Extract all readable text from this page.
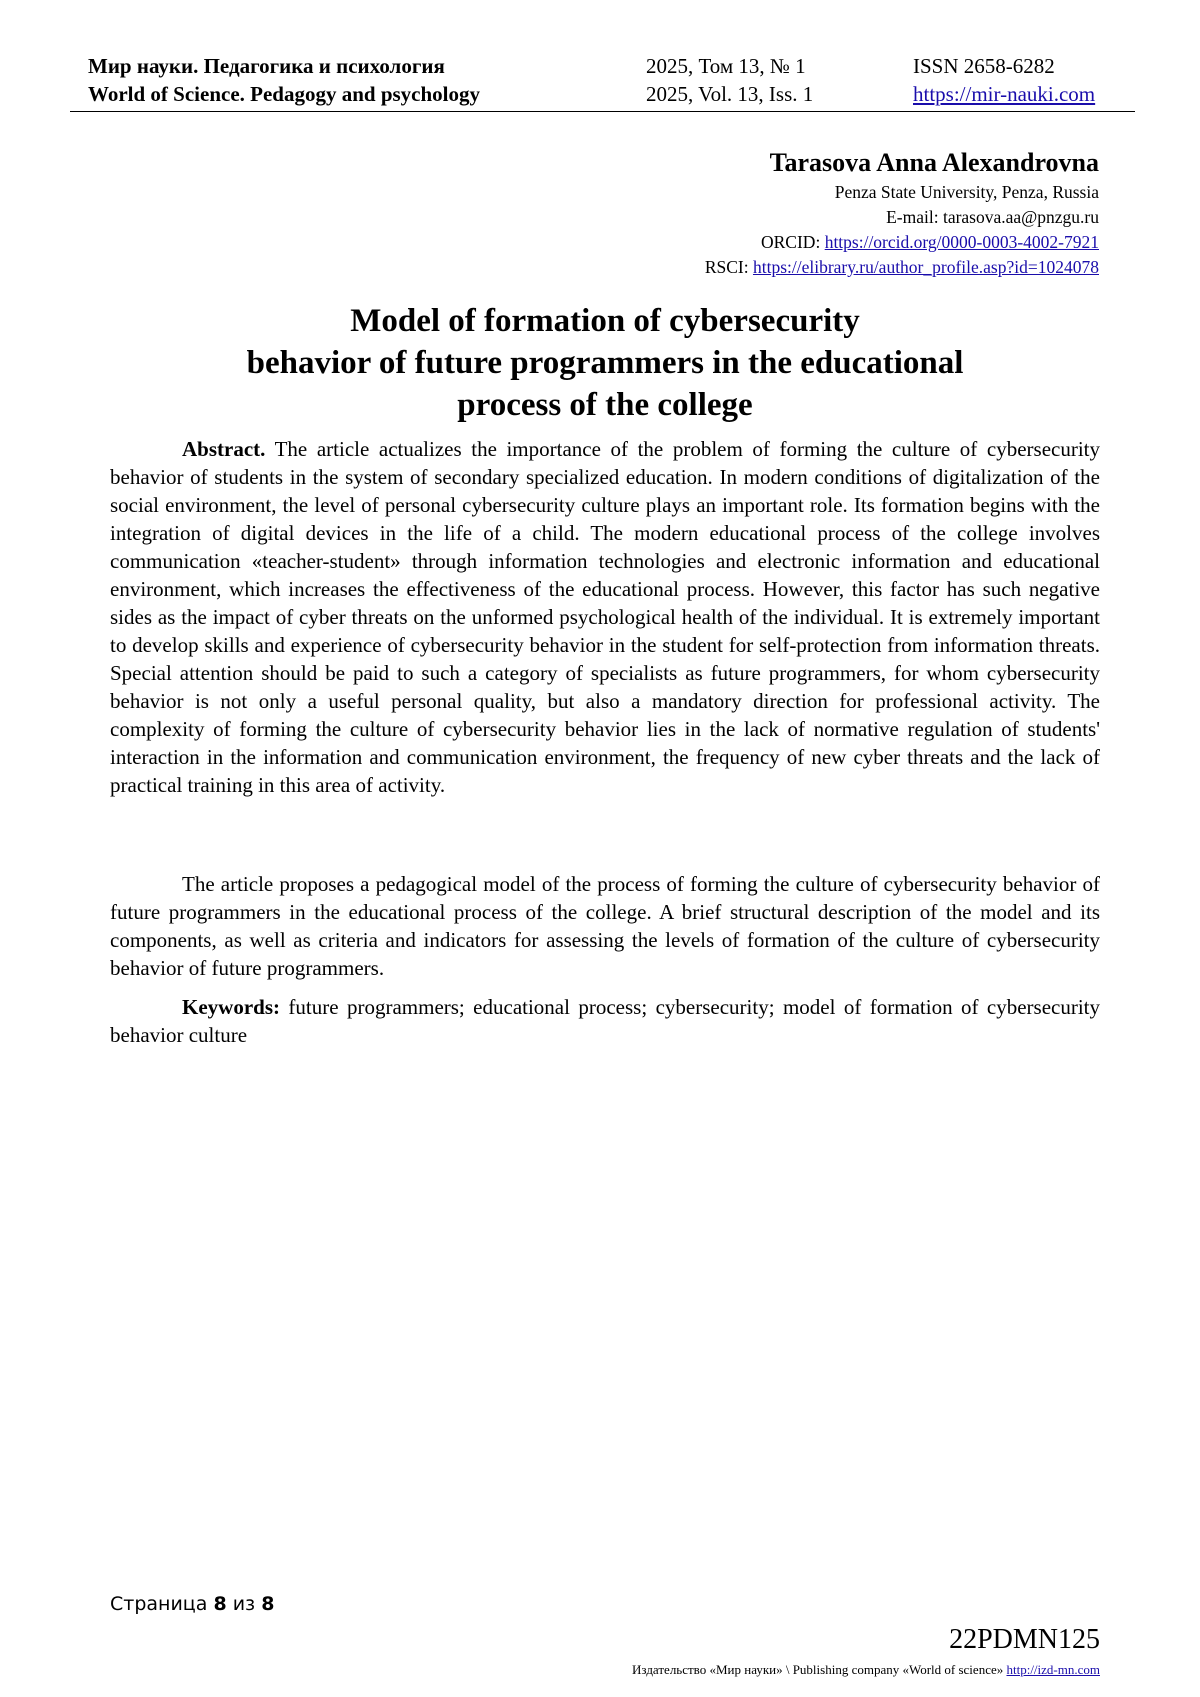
Мир науки. Педагогика и психология
World of Science. Pedagogy and psychology
2025, Том 13, № 1
2025, Vol. 13, Iss. 1
ISSN 2658-6282
https://mir-nauki.com
Tarasova Anna Alexandrovna
Penza State University, Penza, Russia
E-mail: tarasova.aa@pnzgu.ru
ORCID: https://orcid.org/0000-0003-4002-7921
RSCI: https://elibrary.ru/author_profile.asp?id=1024078
Model of formation of cybersecurity
behavior of future programmers in the educational
process of the college
Abstract. The article actualizes the importance of the problem of forming the culture of cybersecurity behavior of students in the system of secondary specialized education. In modern conditions of digitalization of the social environment, the level of personal cybersecurity culture plays an important role. Its formation begins with the integration of digital devices in the life of a child. The modern educational process of the college involves communication «teacher-student» through information technologies and electronic information and educational environment, which increases the effectiveness of the educational process. However, this factor has such negative sides as the impact of cyber threats on the unformed psychological health of the individual. It is extremely important to develop skills and experience of cybersecurity behavior in the student for self-protection from information threats. Special attention should be paid to such a category of specialists as future programmers, for whom cybersecurity behavior is not only a useful personal quality, but also a mandatory direction for professional activity. The complexity of forming the culture of cybersecurity behavior lies in the lack of normative regulation of students' interaction in the information and communication environment, the frequency of new cyber threats and the lack of practical training in this area of activity.
The article proposes a pedagogical model of the process of forming the culture of cybersecurity behavior of future programmers in the educational process of the college. A brief structural description of the model and its components, as well as criteria and indicators for assessing the levels of formation of the culture of cybersecurity behavior of future programmers.
Keywords: future programmers; educational process; cybersecurity; model of formation of cybersecurity behavior culture
Страница 8 из 8
22PDMN125
Издательство «Мир науки» \ Publishing company «World of science» http://izd-mn.com
